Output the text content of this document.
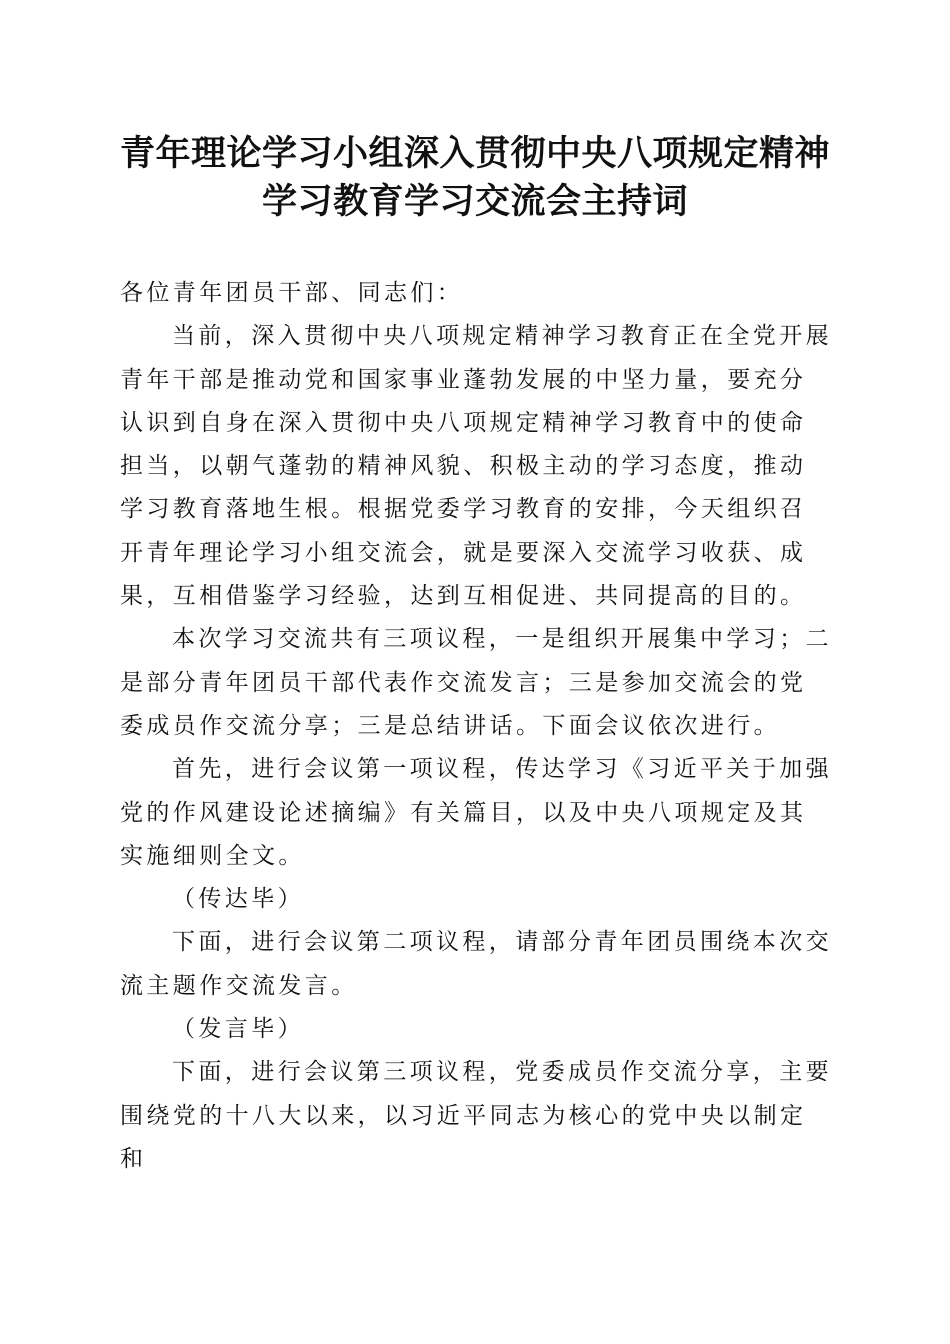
青年理论学习小组深入贯彻中央八项规定精神
学习教育学习交流会主持词

各位青年团员干部、同志们：

当前，深入贯彻中央八项规定精神学习教育正在全党开展青年干部是推动党和国家事业蓬勃发展的中坚力量，要充分认识到自身在深入贯彻中央八项规定精神学习教育中的使命担当，以朝气蓬勃的精神风貌、积极主动的学习态度，推动学习教育落地生根。根据党委学习教育的安排，今天组织召开青年理论学习小组交流会，就是要深入交流学习收获、成果，互相借鉴学习经验，达到互相促进、共同提高的目的。

本次学习交流共有三项议程，一是组织开展集中学习；二是部分青年团员干部代表作交流发言；三是参加交流会的党委成员作交流分享；三是总结讲话。下面会议依次进行。

首先，进行会议第一项议程，传达学习《习近平关于加强党的作风建设论述摘编》有关篇目，以及中央八项规定及其实施细则全文。

（传达毕）

下面，进行会议第二项议程，请部分青年团员围绕本次交流主题作交流发言。

（发言毕）

下面，进行会议第三项议程，党委成员作交流分享，主要围绕党的十八大以来，以习近平同志为核心的党中央以制定和
